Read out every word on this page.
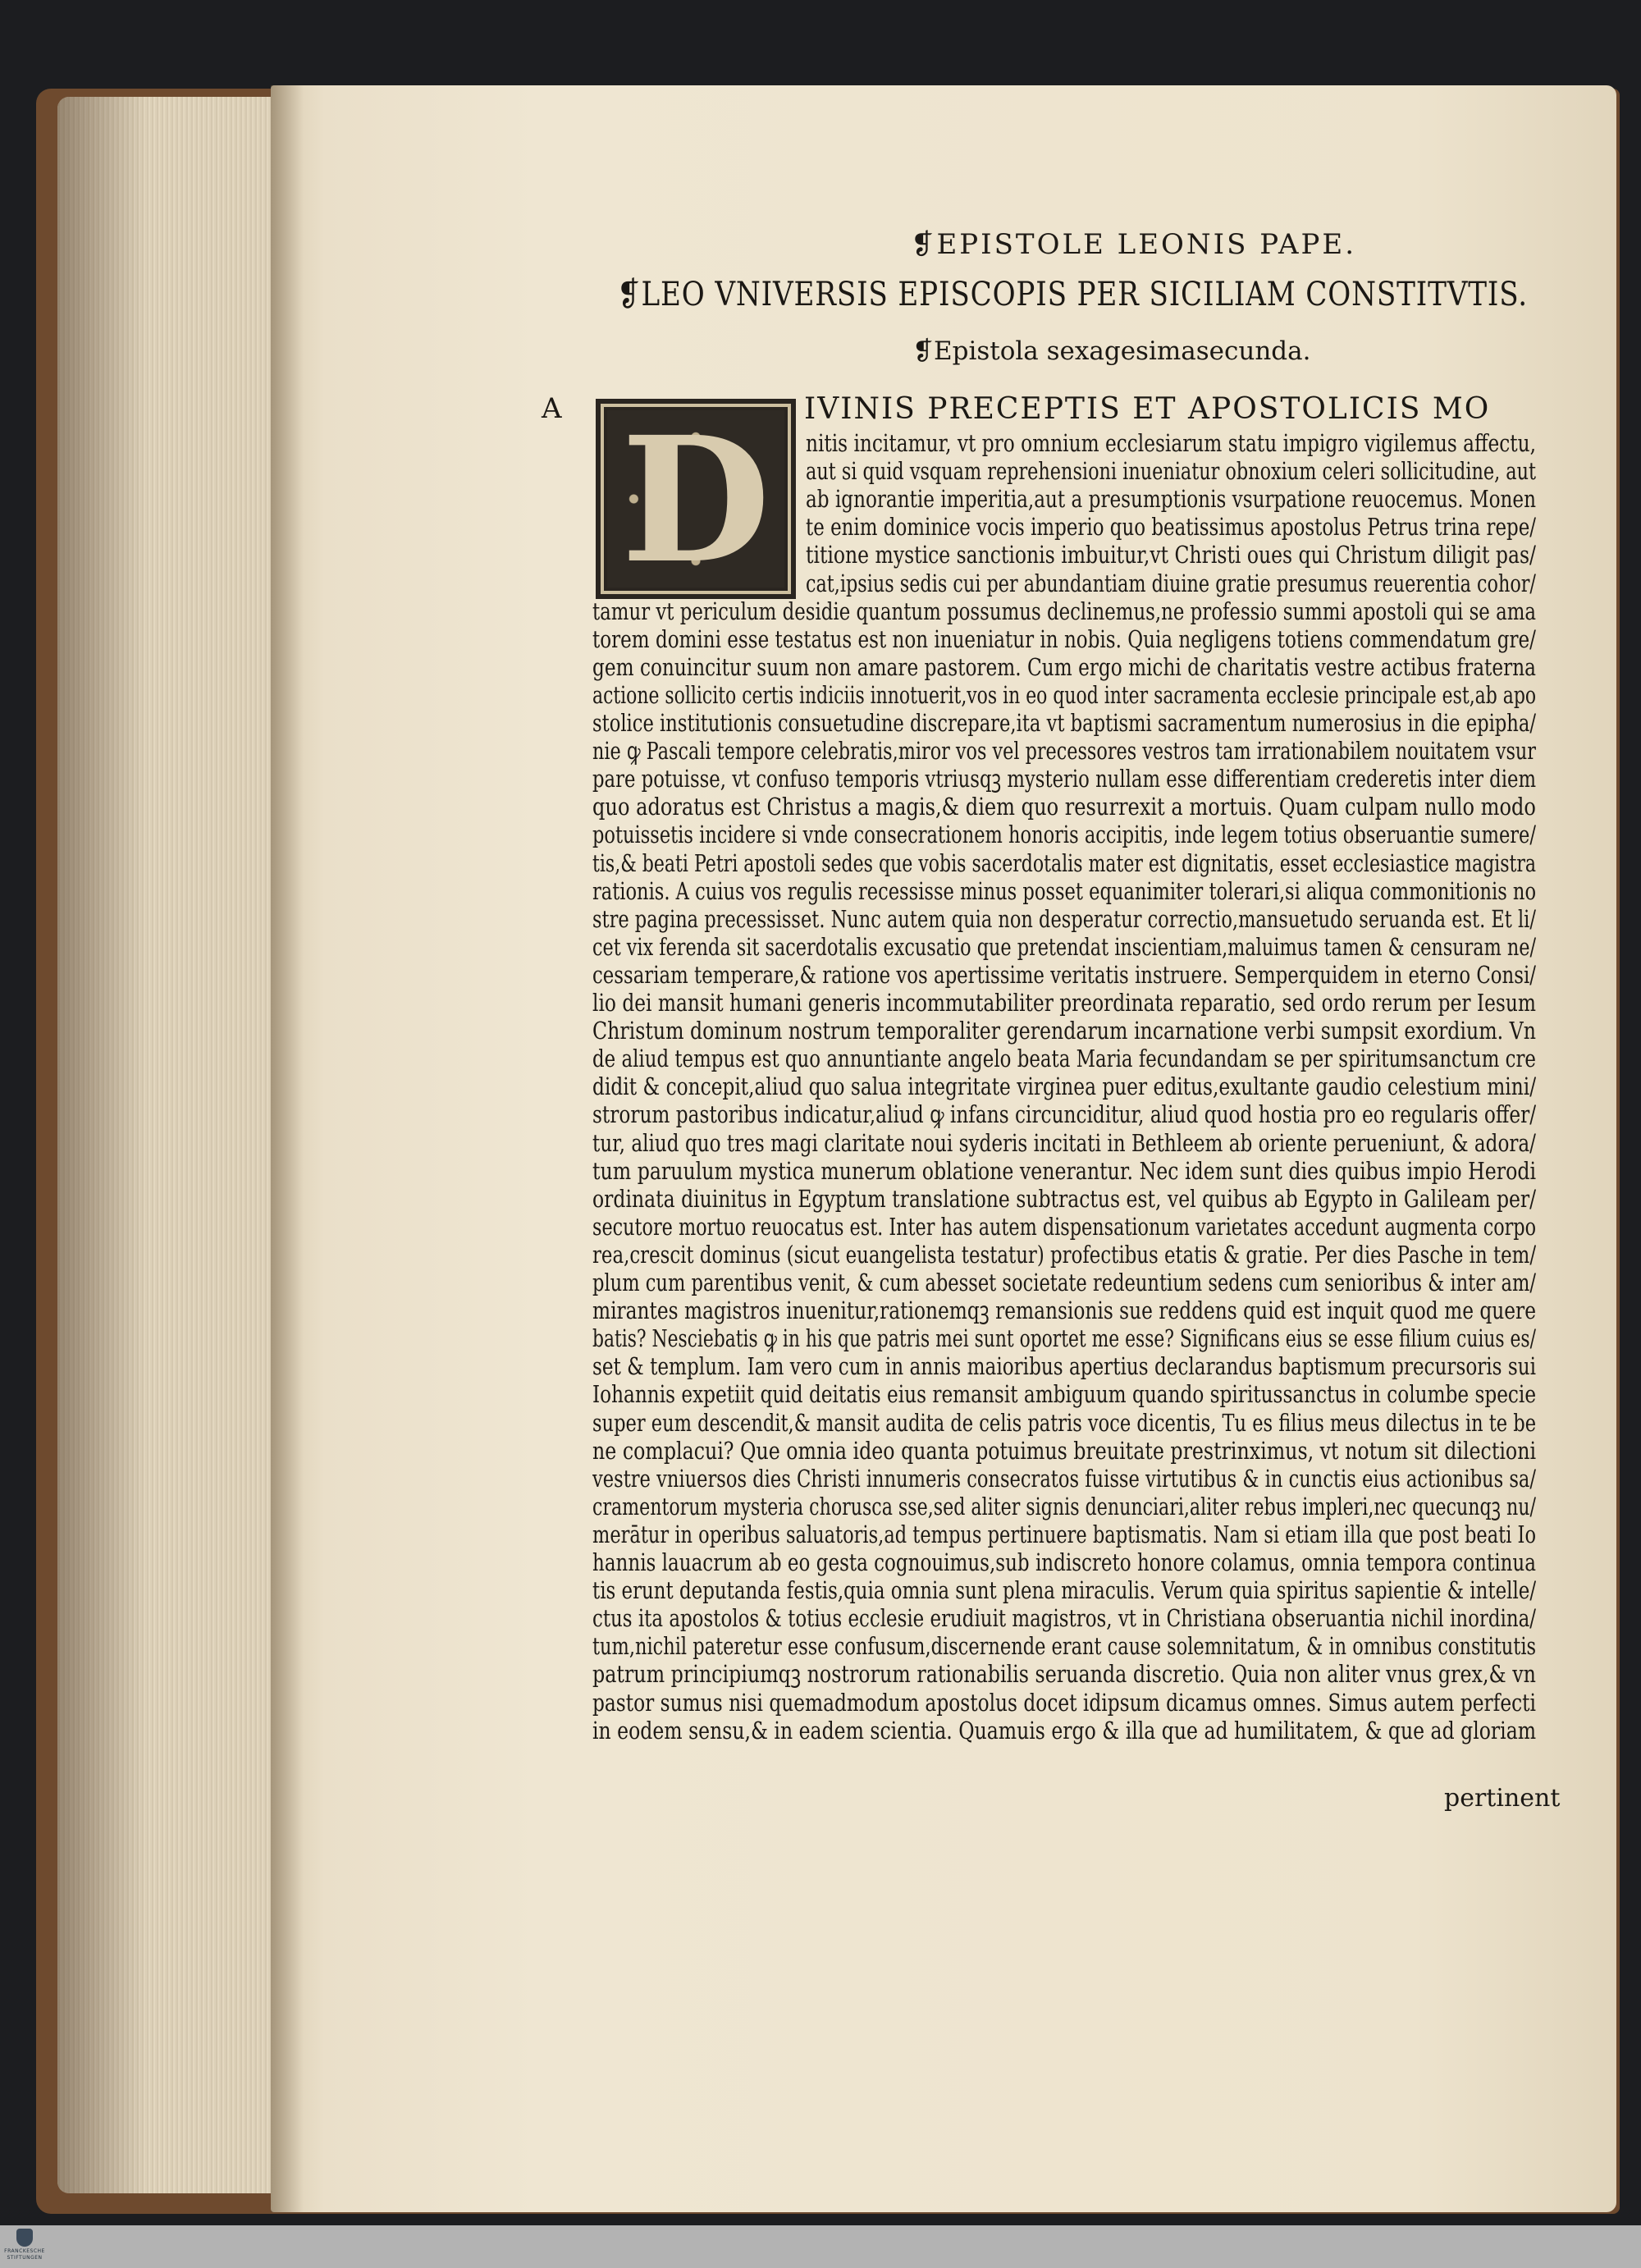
❡EPISTOLE LEONIS PAPE.
❡LEO VNIVERSIS EPISCOPIS PER SICILIAM CONSTITVTIS.
❡Epistola sexagesimasecunda.
A D	IVINIS PRECEPTIS ET APOSTOLICIS MO
nitis incitamur, vt pro omnium ecclesiarum statu impigro vigilemus affectu,
aut si quid vsquam reprehensioni inueniatur obnoxium celeri sollicitudine, aut
ab ignorantie imperitia,aut a presumptionis vsurpatione reuocemus. Monen
te enim dominice vocis imperio quo beatissimus apostolus Petrus trina repe/
titione mystice sanctionis imbuitur,vt Christi oues qui Christum diligit pas/
cat,ipsius sedis cui per abundantiam diuine gratie presumus reuerentia cohor/
tamur vt periculum desidie quantum possumus declinemus,ne professio summi apostoli qui se ama
torem domini esse testatus est non inueniatur in nobis. Quia negligens totiens commendatum gre/
gem conuincitur suum non amare pastorem. Cum ergo michi de charitatis vestre actibus fraterna
actione sollicito certis indiciis innotuerit,vos in eo quod inter sacramenta ecclesie principale est,ab apo
stolice institutionis consuetudine discrepare,ita vt baptismi sacramentum numerosius in die epipha/
nie ꝙ Pascali tempore celebratis,miror vos vel precessores vestros tam irrationabilem nouitatem vsur
pare potuisse, vt confuso temporis vtriusqꝫ mysterio nullam esse differentiam crederetis inter diem
quo adoratus est Christus a magis,& diem quo resurrexit a mortuis. Quam culpam nullo modo
potuissetis incidere si vnde consecrationem honoris accipitis, inde legem totius obseruantie sumere/
tis,& beati Petri apostoli sedes que vobis sacerdotalis mater est dignitatis, esset ecclesiastice magistra
rationis. A cuius vos regulis recessisse minus posset equanimiter tolerari,si aliqua commonitionis no
stre pagina precessisset. Nunc autem quia non desperatur correctio,mansuetudo seruanda est. Et li/
cet vix ferenda sit sacerdotalis excusatio que pretendat inscientiam,maluimus tamen & censuram ne/
cessariam temperare,& ratione vos apertissime veritatis instruere. Semperquidem in eterno Consi/
lio dei mansit humani generis incommutabiliter preordinata reparatio, sed ordo rerum per Iesum
Christum dominum nostrum temporaliter gerendarum incarnatione verbi sumpsit exordium. Vn
de aliud tempus est quo annuntiante angelo beata Maria fecundandam se per spiritumsanctum cre
didit & concepit,aliud quo salua integritate virginea puer editus,exultante gaudio celestium mini/
strorum pastoribus indicatur,aliud ꝙ infans circunciditur, aliud quod hostia pro eo regularis offer/
tur, aliud quo tres magi claritate noui syderis incitati in Bethleem ab oriente perueniunt, & adora/
tum paruulum mystica munerum oblatione venerantur. Nec idem sunt dies quibus impio Herodi
ordinata diuinitus in Egyptum translatione subtractus est, vel quibus ab Egypto in Galileam per/
secutore mortuo reuocatus est. Inter has autem dispensationum varietates accedunt augmenta corpo
rea,crescit dominus (sicut euangelista testatur) profectibus etatis & gratie. Per dies Pasche in tem/
plum cum parentibus venit, & cum abesset societate redeuntium sedens cum senioribus & inter am/
mirantes magistros inuenitur,rationemqꝫ remansionis sue reddens quid est inquit quod me quere
batis? Nesciebatis ꝙ in his que patris mei sunt oportet me esse? Significans eius se esse filium cuius es/
set & templum. Iam vero cum in annis maioribus apertius declarandus baptismum precursoris sui
Iohannis expetiit quid deitatis eius remansit ambiguum quando spiritussanctus in columbe specie
super eum descendit,& mansit audita de celis patris voce dicentis, Tu es filius meus dilectus in te be
ne complacui? Que omnia ideo quanta potuimus breuitate prestrinximus, vt notum sit dilectioni
vestre vniuersos dies Christi innumeris consecratos fuisse virtutibus & in cunctis eius actionibus sa/
cramentorum mysteria chorusca sse,sed aliter signis denunciari,aliter rebus impleri,nec quecunqꝫ nu/
merātur in operibus saluatoris,ad tempus pertinuere baptismatis. Nam si etiam illa que post beati Io
hannis lauacrum ab eo gesta cognouimus,sub indiscreto honore colamus, omnia tempora continua
tis erunt deputanda festis,quia omnia sunt plena miraculis. Verum quia spiritus sapientie & intelle/
ctus ita apostolos & totius ecclesie erudiuit magistros, vt in Christiana obseruantia nichil inordina/
tum,nichil pateretur esse confusum,discernende erant cause solemnitatum, & in omnibus constitutis
patrum principiumqꝫ nostrorum rationabilis seruanda discretio. Quia non aliter vnus grex,& vn
pastor sumus nisi quemadmodum apostolus docet idipsum dicamus omnes. Simus autem perfecti
in eodem sensu,& in eadem scientia. Quamuis ergo & illa que ad humilitatem, & que ad gloriam
pertinent
FRANCKESCHE STIFTUNGEN
